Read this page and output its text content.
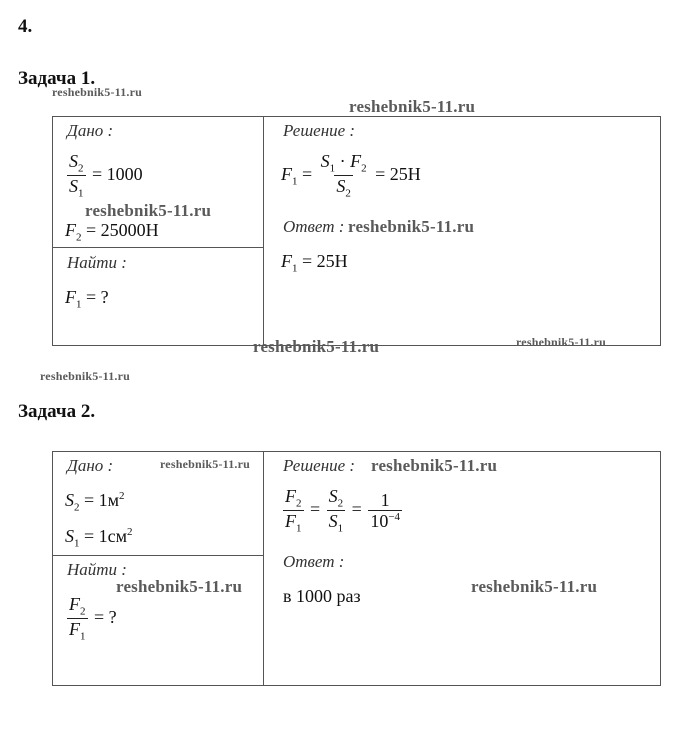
4.
Задача 1.
Дано :
$\frac{S_2}{S_1} = 1000$
$F_2 = 25000H$
Найти :
$F_1$ = ?
Решение :
$F_1 = \frac{S_1 \cdot F_2}{S_2} = 25H$
Ответ :
$F_1 = 25H$
Задача 2.
Дано :
$S_2 = 1м^2$
$S_1 = 1см^2$
Найти :
$\frac{F_2}{F_1}$ = ?
Решение :
$\frac{F_2}{F_1} = \frac{S_2}{S_1} = \frac{1}{10^{-4}}$
Ответ :
в 1000 раз
reshebnik5-11.ru
reshebnik5-11.ru
reshebnik5-11.ru
reshebnik5-11.ru
reshebnik5-11.ru	reshebnik5-11.ru
reshebnik5-11.ru
reshebnik5-11.ru	reshebnik5-11.ru
reshebnik5-11.ru	reshebnik5-11.ru
